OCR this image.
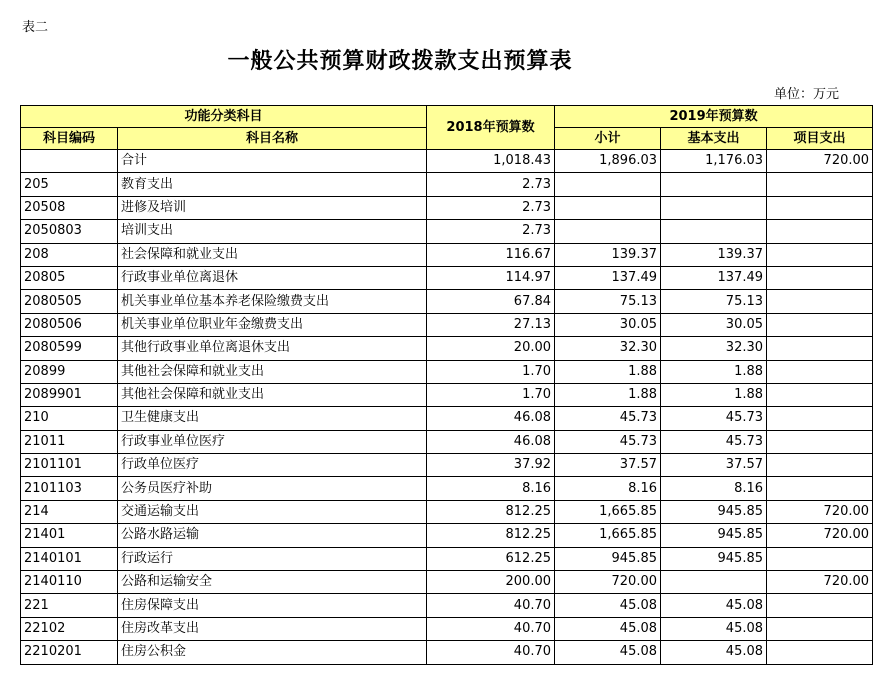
表二
一般公共预算财政拨款支出预算表
单位：万元
功能分类科目		2018年预算数	2019年预算数		
科目编码	科目名称		小计	基本支出	项目支出
	合计	1,018.43	1,896.03	1,176.03	720.00
205	教育支出	2.73			
20508	进修及培训	2.73			
2050803	培训支出	2.73			
208	社会保障和就业支出	116.67	139.37	139.37	
20805	行政事业单位离退休	114.97	137.49	137.49	
2080505	机关事业单位基本养老保险缴费支出	67.84	75.13	75.13	
2080506	机关事业单位职业年金缴费支出	27.13	30.05	30.05	
2080599	其他行政事业单位离退休支出	20.00	32.30	32.30	
20899	其他社会保障和就业支出	1.70	1.88	1.88	
2089901	其他社会保障和就业支出	1.70	1.88	1.88	
210	卫生健康支出	46.08	45.73	45.73	
21011	行政事业单位医疗	46.08	45.73	45.73	
2101101	行政单位医疗	37.92	37.57	37.57	
2101103	公务员医疗补助	8.16	8.16	8.16	
214	交通运输支出	812.25	1,665.85	945.85	720.00
21401	公路水路运输	812.25	1,665.85	945.85	720.00
2140101	行政运行	612.25	945.85	945.85	
2140110	公路和运输安全	200.00	720.00		720.00
221	住房保障支出	40.70	45.08	45.08	
22102	住房改革支出	40.70	45.08	45.08	
2210201	住房公积金	40.70	45.08	45.08	
